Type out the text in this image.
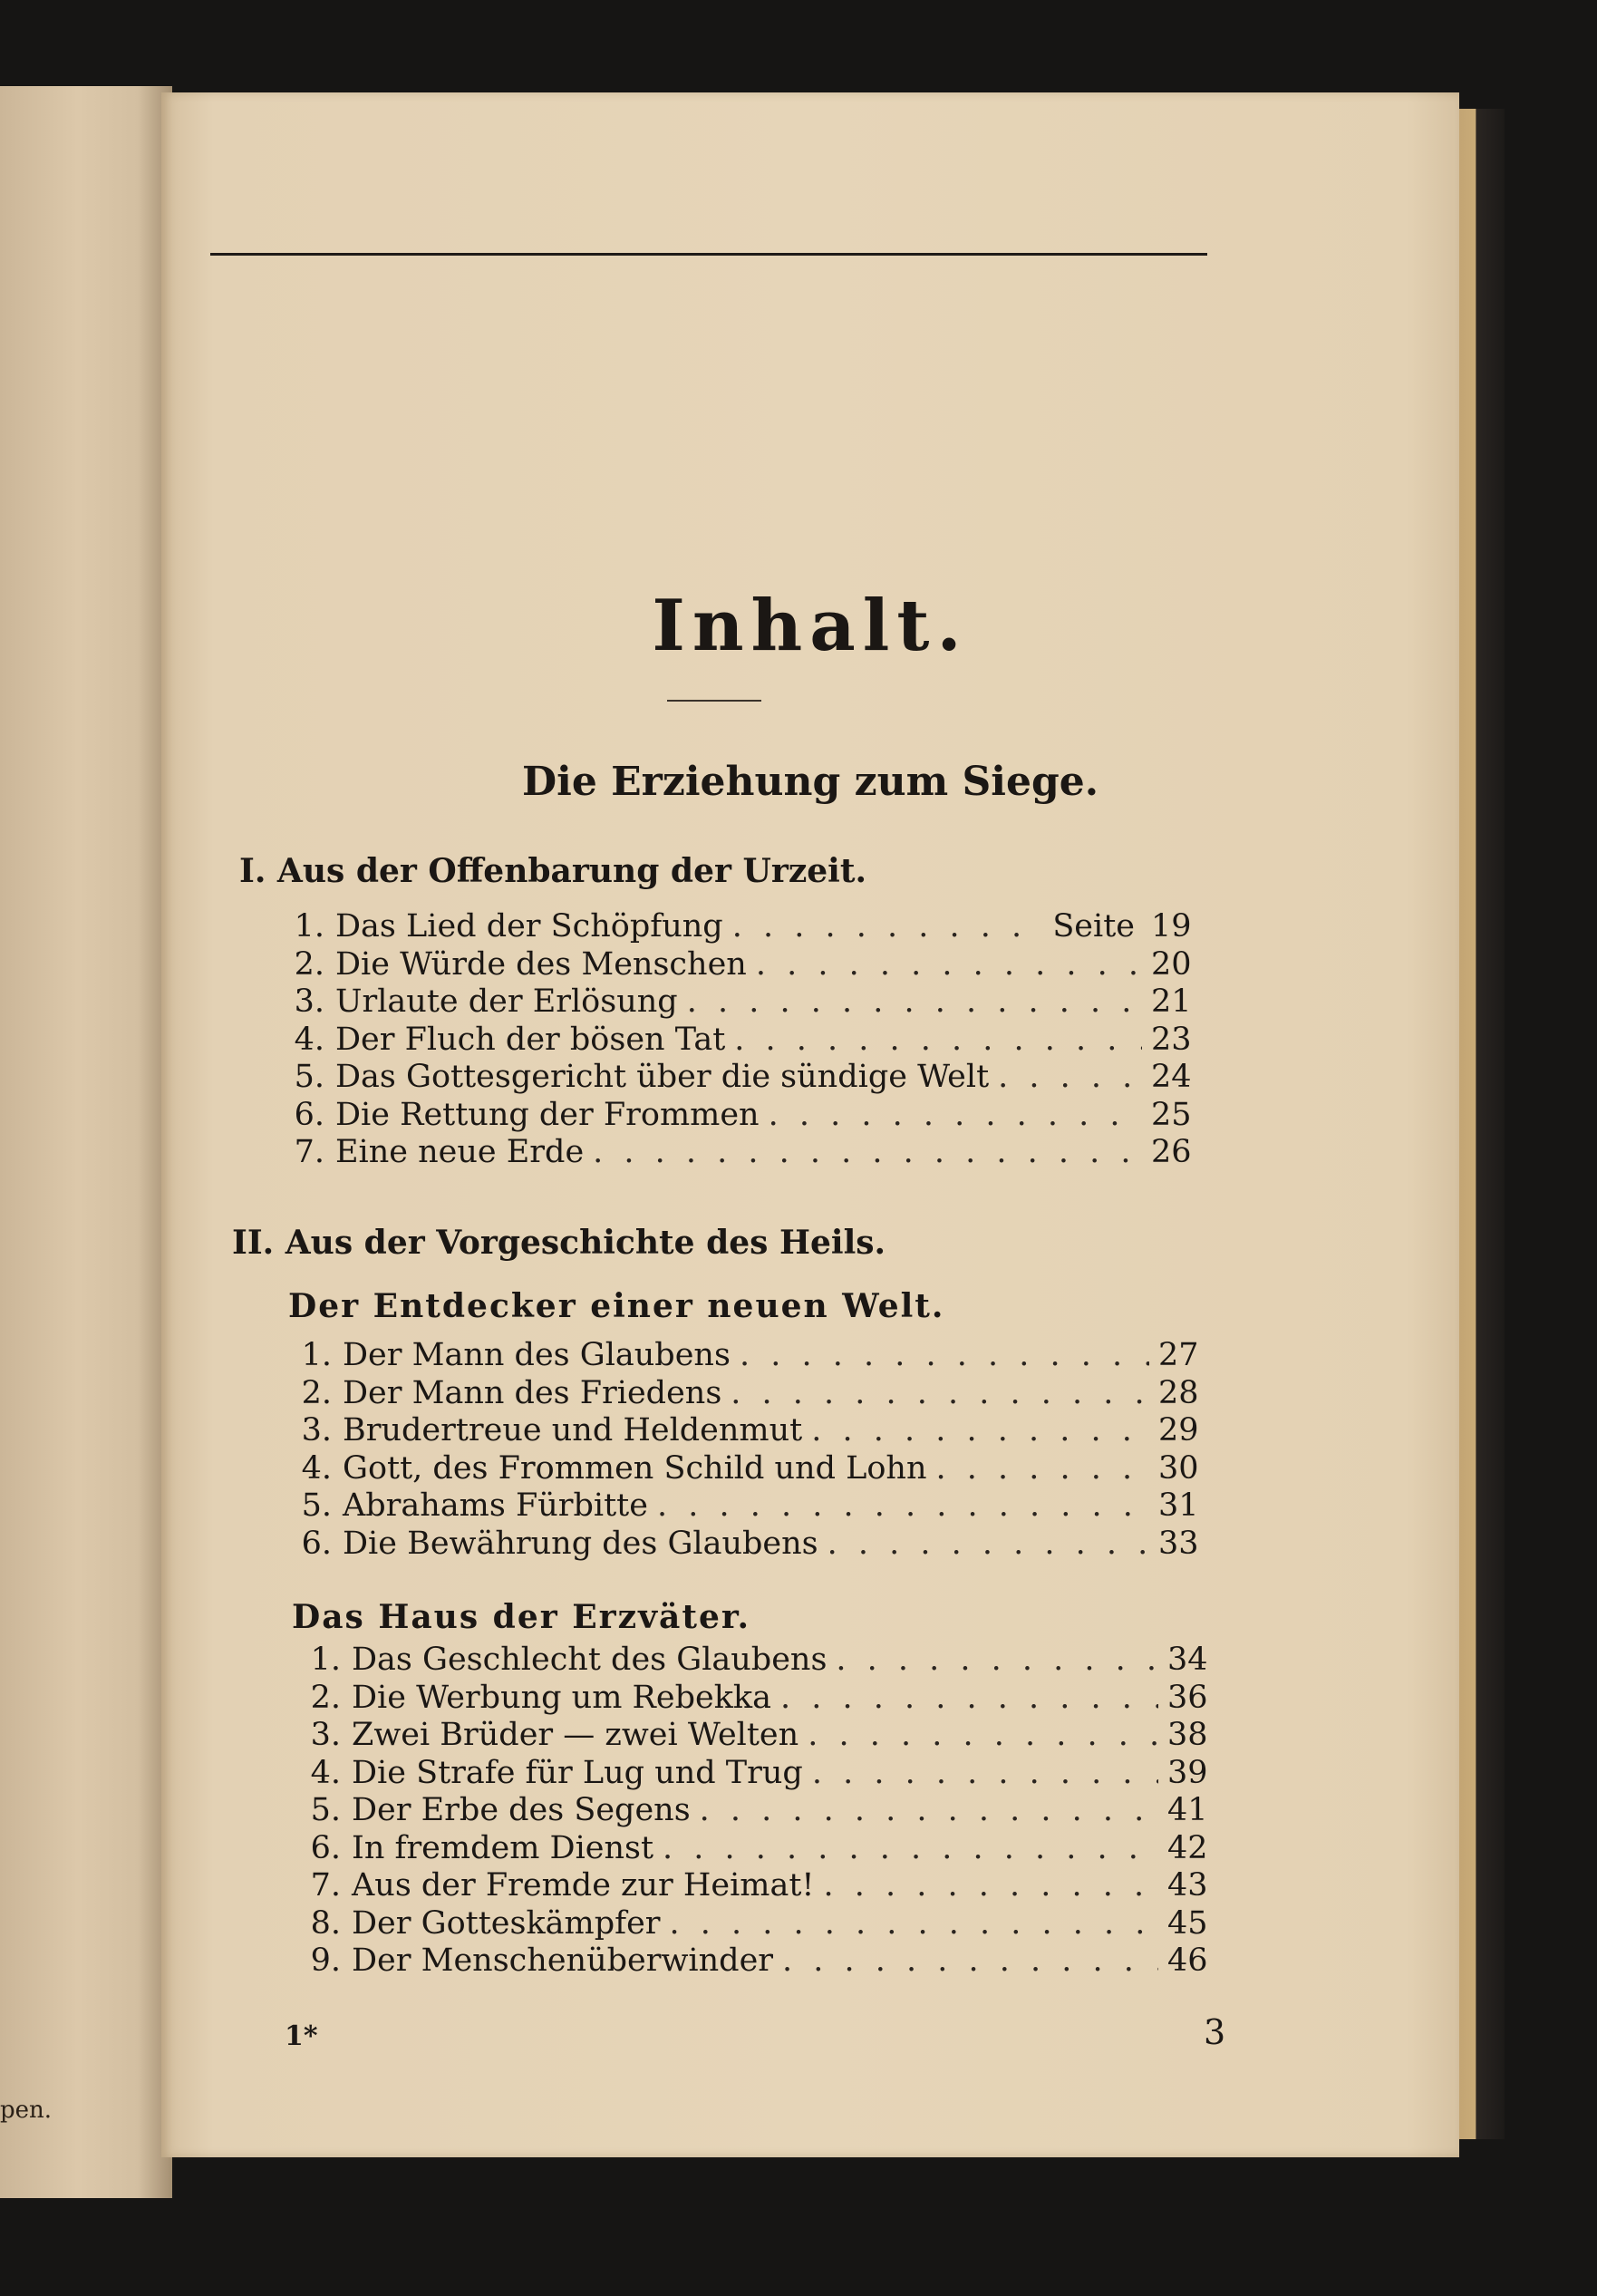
pen.
Inhalt.
Die Erziehung zum Siege.
I. Aus der Offenbarung der Urzeit.
1. Das Lied der Schöpfung . . .	Seite 19
2. Die Würde des Menschen . . .	20
3. Urlaute der Erlösung . . .	21
4. Der Fluch der bösen Tat . . .	23
5. Das Gottesgericht über die sündige Welt . . .	24
6. Die Rettung der Frommen . . .	25
7. Eine neue Erde . . .	26
II. Aus der Vorgeschichte des Heils.
Der Entdecker einer neuen Welt.
1. Der Mann des Glaubens . . .	27
2. Der Mann des Friedens . . .	28
3. Brudertreue und Heldenmut . . .	29
4. Gott, des Frommen Schild und Lohn . . .	30
5. Abrahams Fürbitte . . .	31
6. Die Bewährung des Glaubens . . .	33
Das Haus der Erzväter.
1. Das Geschlecht des Glaubens . . .	34
2. Die Werbung um Rebekka . . .	36
3. Zwei Brüder — zwei Welten . . .	38
4. Die Strafe für Lug und Trug . . .	39
5. Der Erbe des Segens . . .	41
6. In fremdem Dienst . . .	42
7. Aus der Fremde zur Heimat! . . .	43
8. Der Gotteskämpfer . . .	45
9. Der Menschenüberwinder . . .	46
1*	3
